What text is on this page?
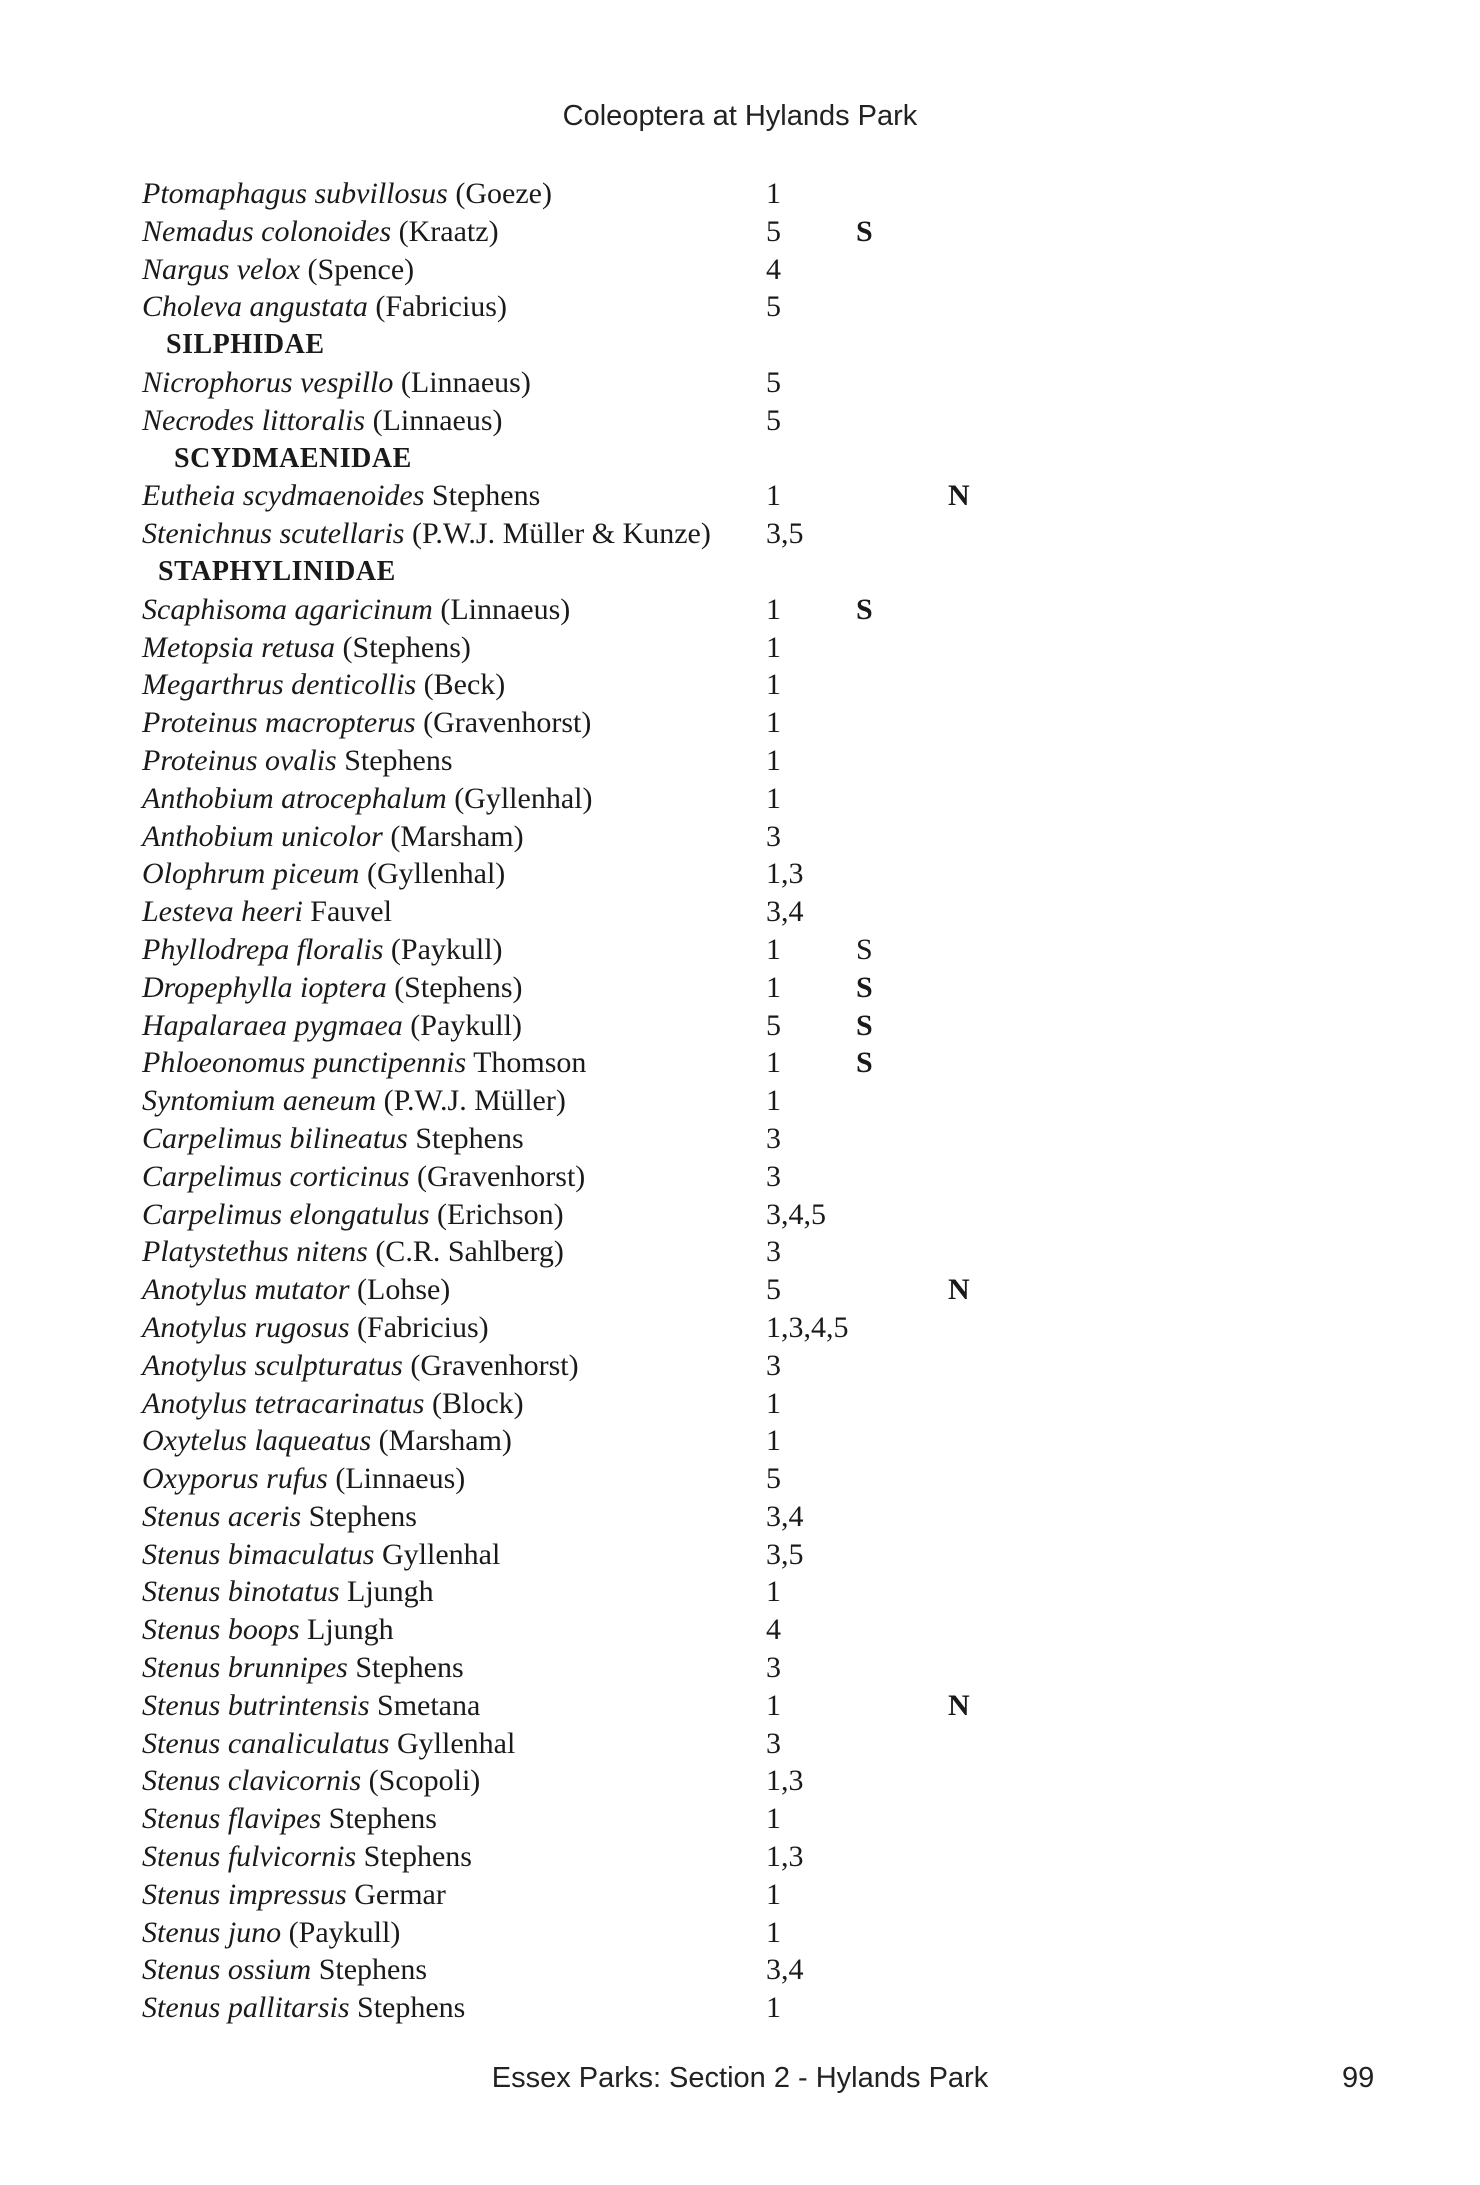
Coleoptera at Hylands Park
Ptomaphagus subvillosus (Goeze)	1
Nemadus colonoides (Kraatz)	5	S
Nargus velox (Spence)	4
Choleva angustata (Fabricius)	5
SILPHIDAE
Nicrophorus vespillo (Linnaeus)	5
Necrodes littoralis (Linnaeus)	5
SCYDMAENIDAE
Eutheia scydmaenoides Stephens	1	N
Stenichnus scutellaris (P.W.J. Müller & Kunze) 3,5
STAPHYLINIDAE
Scaphisoma agaricinum (Linnaeus)	1	S
Metopsia retusa (Stephens)	1
Megarthrus denticollis (Beck)	1
Proteinus macropterus (Gravenhorst)	1
Proteinus ovalis Stephens	1
Anthobium atrocephalum (Gyllenhal)	1
Anthobium unicolor (Marsham)	3
Olophrum piceum (Gyllenhal)	1,3
Lesteva heeri Fauvel	3,4
Phyllodrepa floralis (Paykull)	1	S
Dropephylla ioptera (Stephens)	1	S
Hapalaraea pygmaea (Paykull)	5	S
Phloeonomus punctipennis Thomson	1	S
Syntomium aeneum (P.W.J. Müller)	1
Carpelimus bilineatus Stephens	3
Carpelimus corticinus (Gravenhorst)	3
Carpelimus elongatulus (Erichson)	3,4,5
Platystethus nitens (C.R. Sahlberg)	3
Anotylus mutator (Lohse)	5	N
Anotylus rugosus (Fabricius)	1,3,4,5
Anotylus sculpturatus (Gravenhorst)	3
Anotylus tetracarinatus (Block)	1
Oxytelus laqueatus (Marsham)	1
Oxyporus rufus (Linnaeus)	5
Stenus aceris Stephens	3,4
Stenus bimaculatus Gyllenhal	3,5
Stenus binotatus Ljungh	1
Stenus boops Ljungh	4
Stenus brunnipes Stephens	3
Stenus butrintensis Smetana	1	N
Stenus canaliculatus Gyllenhal	3
Stenus clavicornis (Scopoli)	1,3
Stenus flavipes Stephens	1
Stenus fulvicornis Stephens	1,3
Stenus impressus Germar	1
Stenus juno (Paykull)	1
Stenus ossium Stephens	3,4
Stenus pallitarsis Stephens	1
Essex Parks: Section 2 - Hylands Park	99
